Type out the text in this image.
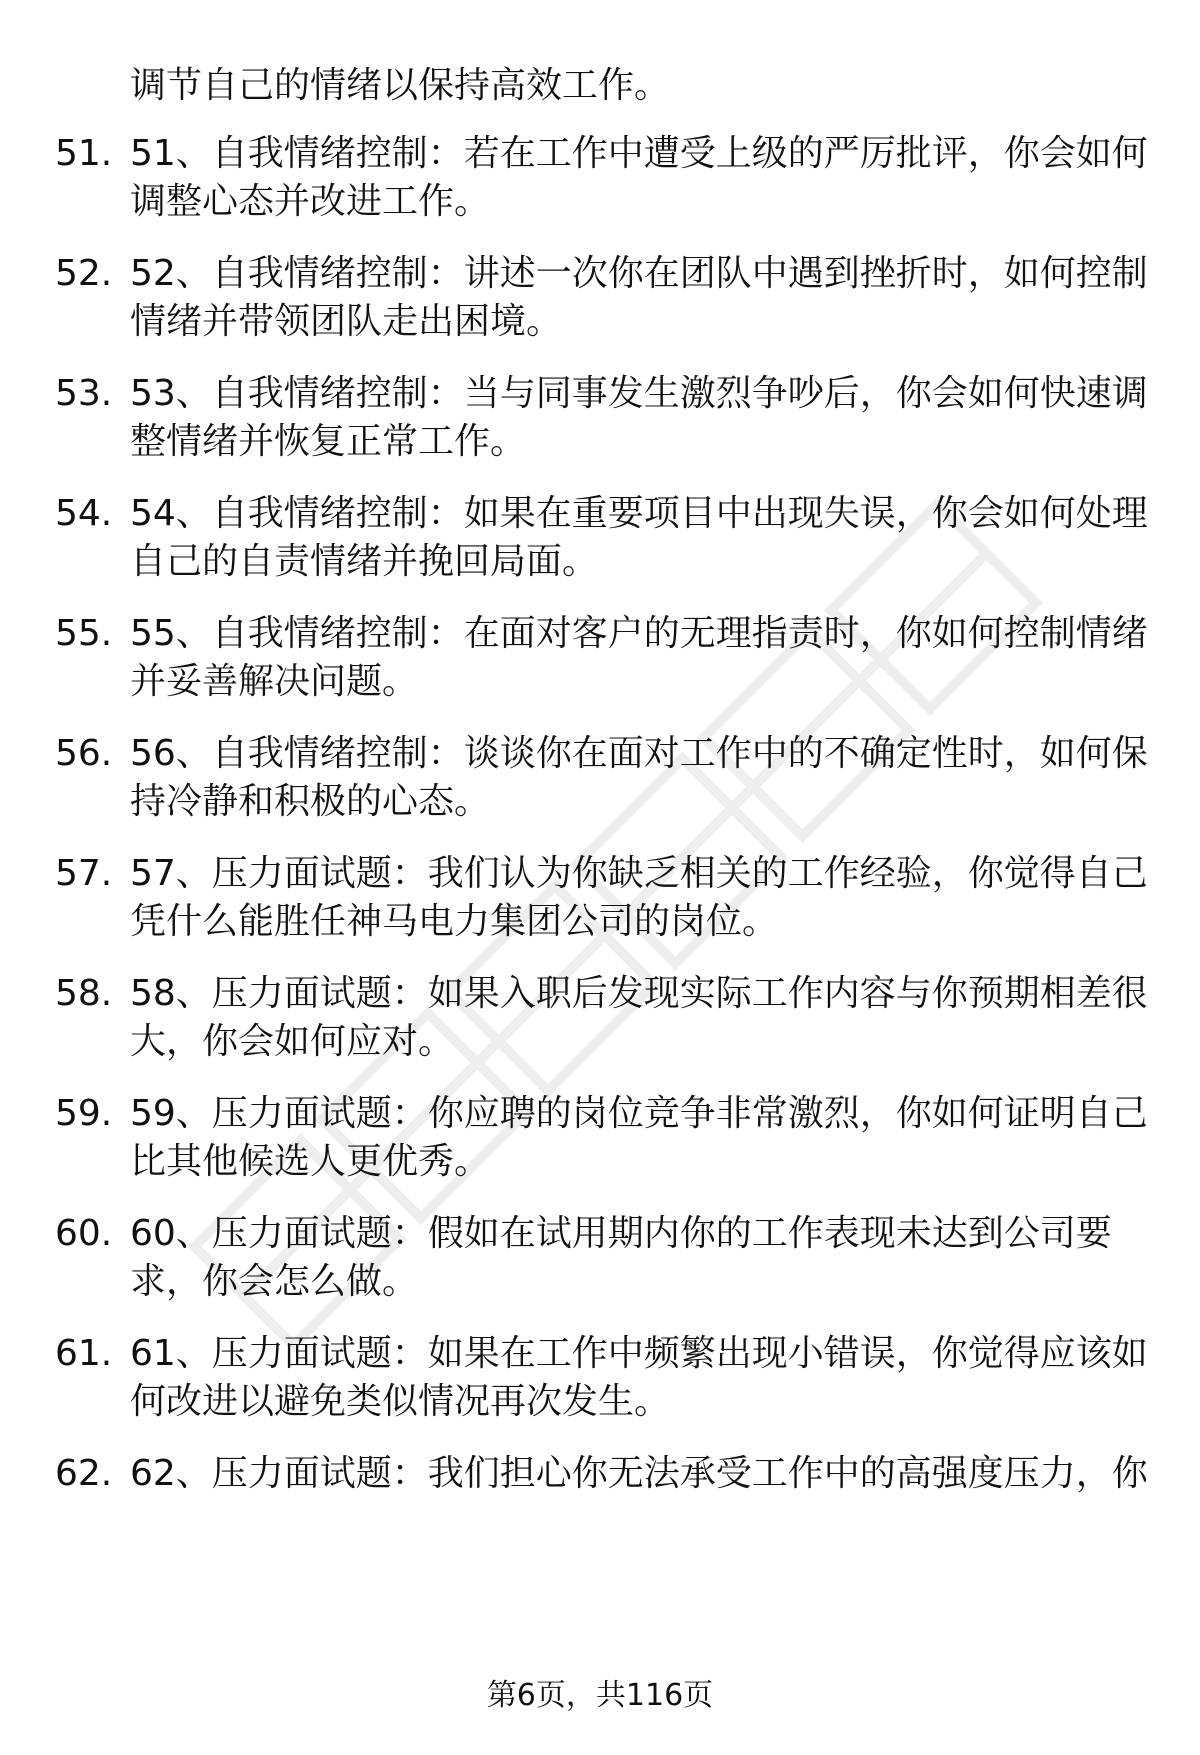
调节自己的情绪以保持高效工作。
51. 51、自我情绪控制：若在工作中遭受上级的严厉批评，你会如何调整心态并改进工作。
52. 52、自我情绪控制：讲述一次你在团队中遇到挫折时，如何控制情绪并带领团队走出困境。
53. 53、自我情绪控制：当与同事发生激烈争吵后，你会如何快速调整情绪并恢复正常工作。
54. 54、自我情绪控制：如果在重要项目中出现失误，你会如何处理自己的自责情绪并挽回局面。
55. 55、自我情绪控制：在面对客户的无理指责时，你如何控制情绪并妥善解决问题。
56. 56、自我情绪控制：谈谈你在面对工作中的不确定性时，如何保持冷静和积极的心态。
57. 57、压力面试题：我们认为你缺乏相关的工作经验，你觉得自己凭什么能胜任神马电力集团公司的岗位。
58. 58、压力面试题：如果入职后发现实际工作内容与你预期相差很大，你会如何应对。
59. 59、压力面试题：你应聘的岗位竞争非常激烈，你如何证明自己比其他候选人更优秀。
60. 60、压力面试题：假如在试用期内你的工作表现未达到公司要求，你会怎么做。
61. 61、压力面试题：如果在工作中频繁出现小错误，你觉得应该如何改进以避免类似情况再次发生。
62. 62、压力面试题：我们担心你无法承受工作中的高强度压力，你
第6页，共116页
